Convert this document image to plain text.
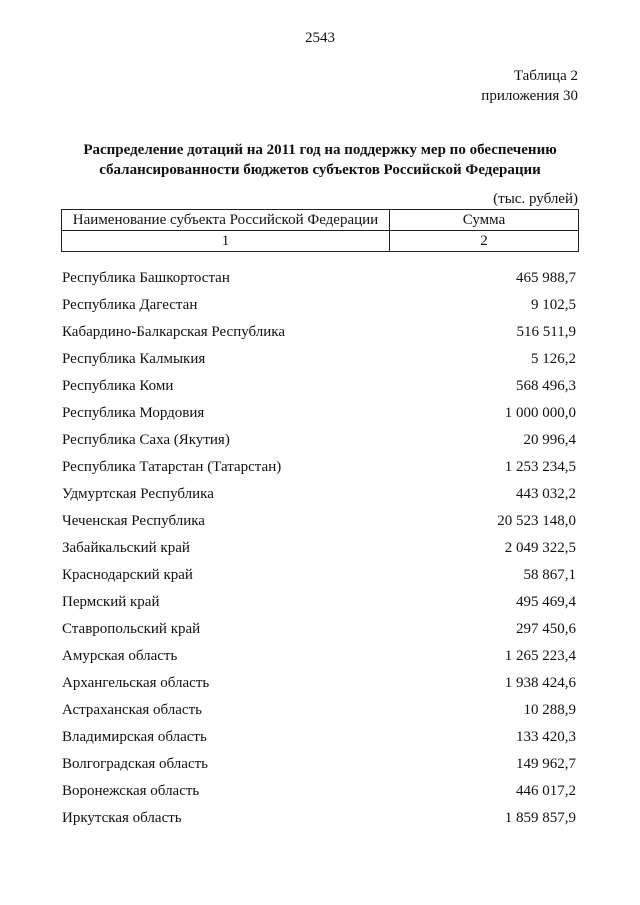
2543
Таблица 2
приложения 30
Распределение дотаций на 2011 год на поддержку мер по обеспечению
сбалансированности бюджетов субъектов Российской Федерации
(тыс. рублей)
Наименование субъекта Российской Федерации	Сумма
1	2
Республика Башкортостан	465 988,7
Республика Дагестан	9 102,5
Кабардино-Балкарская Республика	516 511,9
Республика Калмыкия	5 126,2
Республика Коми	568 496,3
Республика Мордовия	1 000 000,0
Республика Саха (Якутия)	20 996,4
Республика Татарстан (Татарстан)	1 253 234,5
Удмуртская Республика	443 032,2
Чеченская Республика	20 523 148,0
Забайкальский край	2 049 322,5
Краснодарский край	58 867,1
Пермский край	495 469,4
Ставропольский край	297 450,6
Амурская область	1 265 223,4
Архангельская область	1 938 424,6
Астраханская область	10 288,9
Владимирская область	133 420,3
Волгоградская область	149 962,7
Воронежская область	446 017,2
Иркутская область	1 859 857,9
